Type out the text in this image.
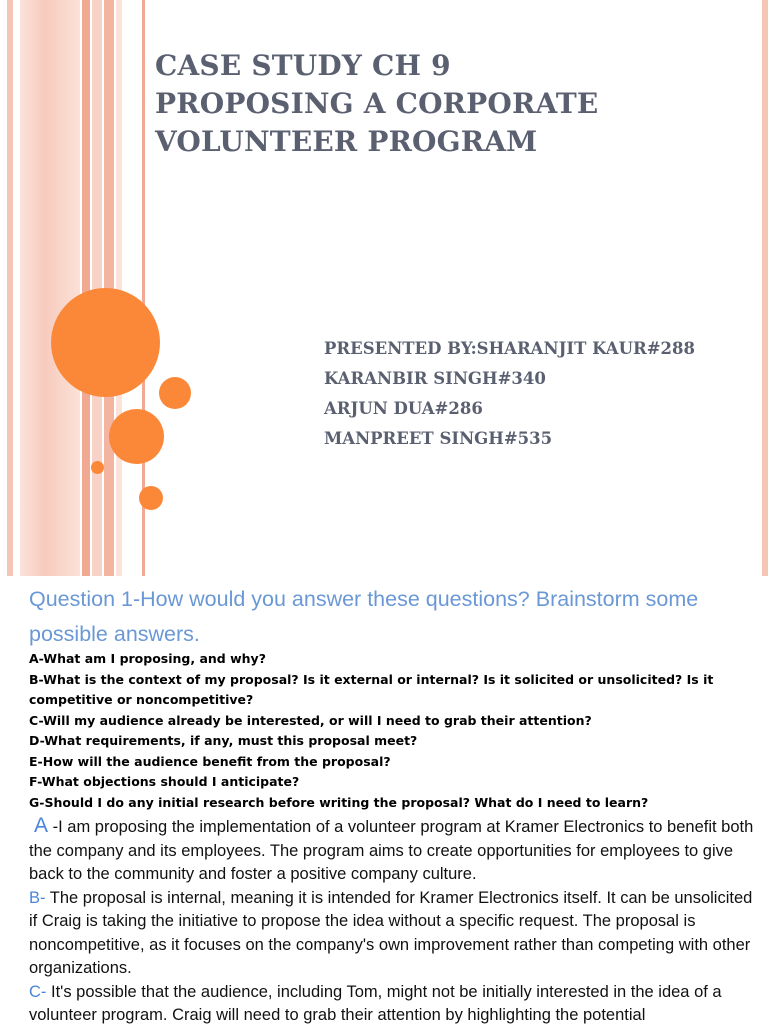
CASE STUDY CH 9
PROPOSING A CORPORATE
VOLUNTEER PROGRAM
PRESENTED BY:SHARANJIT KAUR#288
KARANBIR SINGH#340
ARJUN DUA#286
MANPREET SINGH#535
Question 1-How would you answer these questions? Brainstorm some possible answers.
A-What am I proposing, and why?
B-What is the context of my proposal? Is it external or internal? Is it solicited or unsolicited? Is it
competitive or noncompetitive?
C-Will my audience already be interested, or will I need to grab their attention?
D-What requirements, if any, must this proposal meet?
E-How will the audience benefit from the proposal?
F-What objections should I anticipate?
G-Should I do any initial research before writing the proposal? What do I need to learn?

A -I am proposing the implementation of a volunteer program at Kramer Electronics to benefit both the company and its employees. The program aims to create opportunities for employees to give back to the community and foster a positive company culture.

B- The proposal is internal, meaning it is intended for Kramer Electronics itself. It can be unsolicited if Craig is taking the initiative to propose the idea without a specific request. The proposal is noncompetitive, as it focuses on the company's own improvement rather than competing with other organizations.

C- It's possible that the audience, including Tom, might not be initially interested in the idea of a volunteer program. Craig will need to grab their attention by highlighting the potential
